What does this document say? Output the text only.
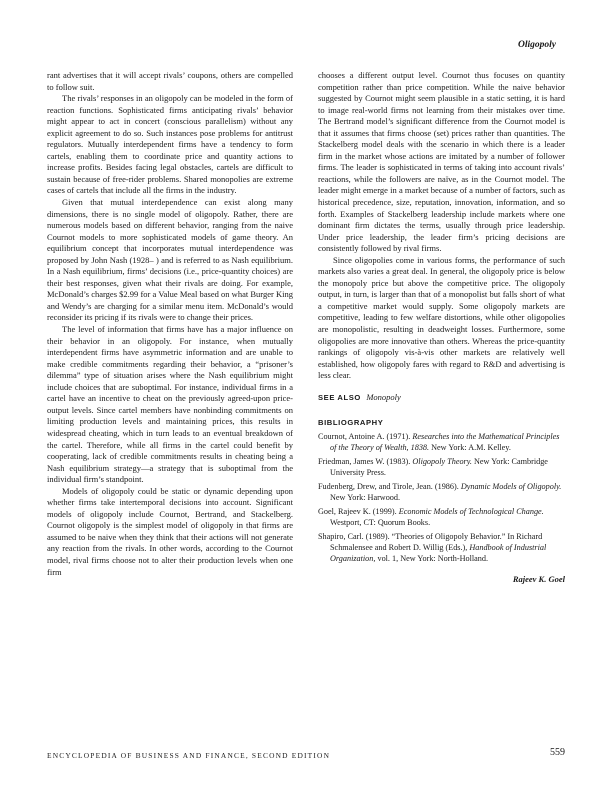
Oligopoly

rant advertises that it will accept rivals’ coupons, others are compelled to follow suit.

The rivals’ responses in an oligopoly can be modeled in the form of reaction functions. Sophisticated firms anticipating rivals’ behavior might appear to act in concert (conscious parallelism) without any explicit agreement to do so. Such instances pose problems for antitrust regulators. Mutually interdependent firms have a tendency to form cartels, enabling them to coordinate price and quantity actions to increase profits. Besides facing legal obstacles, cartels are difficult to sustain because of free-rider problems. Shared monopolies are extreme cases of cartels that include all the firms in the industry.

Given that mutual interdependence can exist along many dimensions, there is no single model of oligopoly. Rather, there are numerous models based on different behavior, ranging from the naive Cournot models to more sophisticated models of game theory. An equilibrium concept that incorporates mutual interdependence was proposed by John Nash (1928– ) and is referred to as Nash equilibrium. In a Nash equilibrium, firms’ decisions (i.e., price-quantity choices) are their best responses, given what their rivals are doing. For example, McDonald’s charges $2.99 for a Value Meal based on what Burger King and Wendy’s are charging for a similar menu item. McDonald’s would reconsider its pricing if its rivals were to change their prices.

The level of information that firms have has a major influence on their behavior in an oligopoly. For instance, when mutually interdependent firms have asymmetric information and are unable to make credible commitments regarding their behavior, a “prisoner’s dilemma” type of situation arises where the Nash equilibrium might include choices that are suboptimal. For instance, individual firms in a cartel have an incentive to cheat on the previously agreed-upon price-output levels. Since cartel members have nonbinding commitments on limiting production levels and maintaining prices, this results in widespread cheating, which in turn leads to an eventual breakdown of the cartel. Therefore, while all firms in the cartel could benefit by cooperating, lack of credible commitments results in cheating being a Nash equilibrium strategy—a strategy that is suboptimal from the individual firm’s standpoint.

Models of oligopoly could be static or dynamic depending upon whether firms take intertemporal decisions into account. Significant models of oligopoly include Cournot, Bertrand, and Stackelberg. Cournot oligopoly is the simplest model of oligopoly in that firms are assumed to be naive when they think that their actions will not generate any reaction from the rivals. In other words, according to the Cournot model, rival firms choose not to alter their production levels when one firm

chooses a different output level. Cournot thus focuses on quantity competition rather than price competition. While the naive behavior suggested by Cournot might seem plausible in a static setting, it is hard to image real-world firms not learning from their mistakes over time. The Bertrand model’s significant difference from the Cournot model is that it assumes that firms choose (set) prices rather than quantities. The Stackelberg model deals with the scenario in which there is a leader firm in the market whose actions are imitated by a number of follower firms. The leader is sophisticated in terms of taking into account rivals’ reactions, while the followers are naïve, as in the Cournot model. The leader might emerge in a market because of a number of factors, such as historical precedence, size, reputation, innovation, information, and so forth. Examples of Stackelberg leadership include markets where one dominant firm dictates the terms, usually through price leadership. Under price leadership, the leader firm’s pricing decisions are consistently followed by rival firms.

Since oligopolies come in various forms, the performance of such markets also varies a great deal. In general, the oligopoly price is below the monopoly price but above the competitive price. The oligopoly output, in turn, is larger than that of a monopolist but falls short of what a competitive market would supply. Some oligopoly markets are competitive, leading to few welfare distortions, while other oligopolies are monopolistic, resulting in deadweight losses. Furthermore, some oligopolies are more innovative than others. Whereas the price-quantity rankings of oligopoly vis-à-vis other markets are relatively well established, how oligopoly fares with regard to R&D and advertising is less clear.

SEE ALSO Monopoly

BIBLIOGRAPHY

Cournot, Antoine A. (1971). Researches into the Mathematical Principles of the Theory of Wealth, 1838. New York: A.M. Kelley.

Friedman, James W. (1983). Oligopoly Theory. New York: Cambridge University Press.

Fudenberg, Drew, and Tirole, Jean. (1986). Dynamic Models of Oligopoly. New York: Harwood.

Goel, Rajeev K. (1999). Economic Models of Technological Change. Westport, CT: Quorum Books.

Shapiro, Carl. (1989). “Theories of Oligopoly Behavior.” In Richard Schmalensee and Robert D. Willig (Eds.), Handbook of Industrial Organization, vol. 1, New York: North-Holland.

Rajeev K. Goel

ENCYCLOPEDIA OF BUSINESS AND FINANCE, SECOND EDITION	559
